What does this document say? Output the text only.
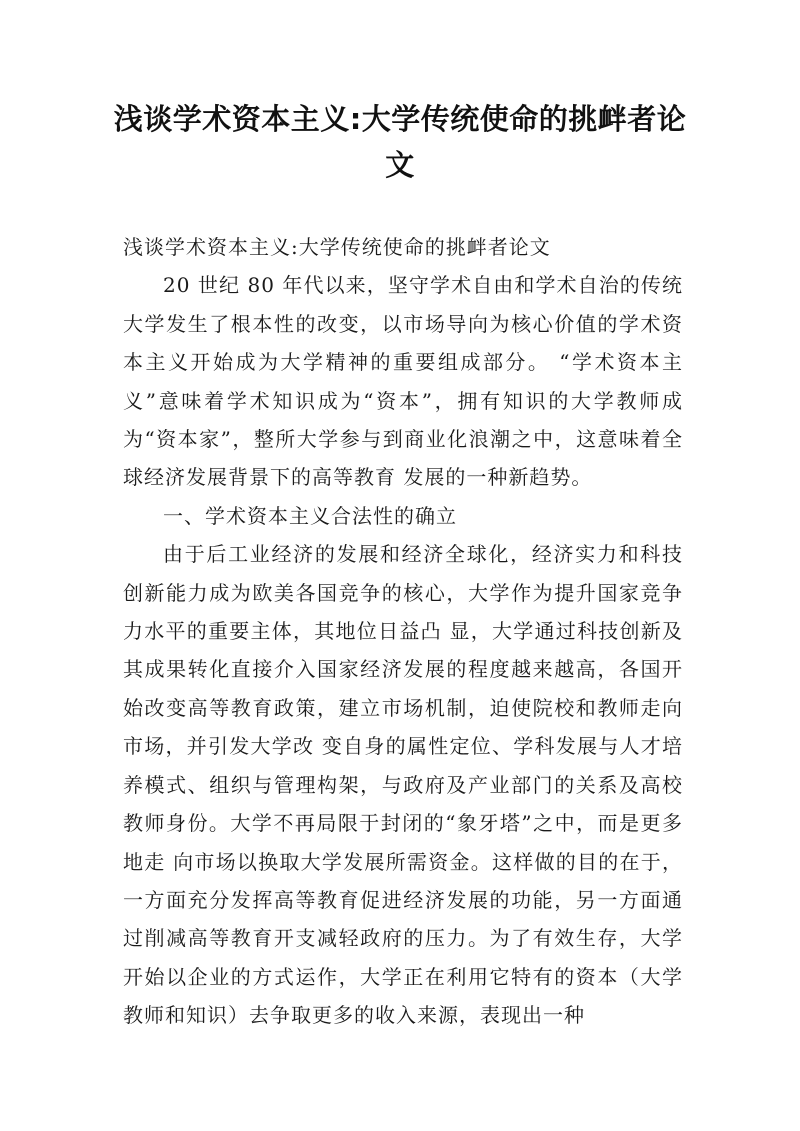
浅谈学术资本主义:大学传统使命的挑衅者论文

浅谈学术资本主义:大学传统使命的挑衅者论文

20 世纪 80 年代以来，坚守学术自由和学术自治的传统大学发生了根本性的改变，以市场导向为核心价值的学术资本主义开始成为大学精神的重要组成部分。 “学术资本主义”意味着学术知识成为“资本”，拥有知识的大学教师成为“资本家”，整所大学参与到商业化浪潮之中，这意味着全球经济发展背景下的高等教育 发展的一种新趋势。

一、学术资本主义合法性的确立

由于后工业经济的发展和经济全球化，经济实力和科技创新能力成为欧美各国竞争的核心，大学作为提升国家竞争力水平的重要主体，其地位日益凸 显，大学通过科技创新及其成果转化直接介入国家经济发展的程度越来越高，各国开始改变高等教育政策，建立市场机制，迫使院校和教师走向市场，并引发大学改 变自身的属性定位、学科发展与人才培养模式、组织与管理构架，与政府及产业部门的关系及高校教师身份。大学不再局限于封闭的“象牙塔”之中，而是更多地走 向市场以换取大学发展所需资金。这样做的目的在于，一方面充分发挥高等教育促进经济发展的功能，另一方面通过削减高等教育开支减轻政府的压力。为了有效生存，大学开始以企业的方式运作，大学正在利用它特有的资本（大学教师和知识）去争取更多的收入来源，表现出一种
